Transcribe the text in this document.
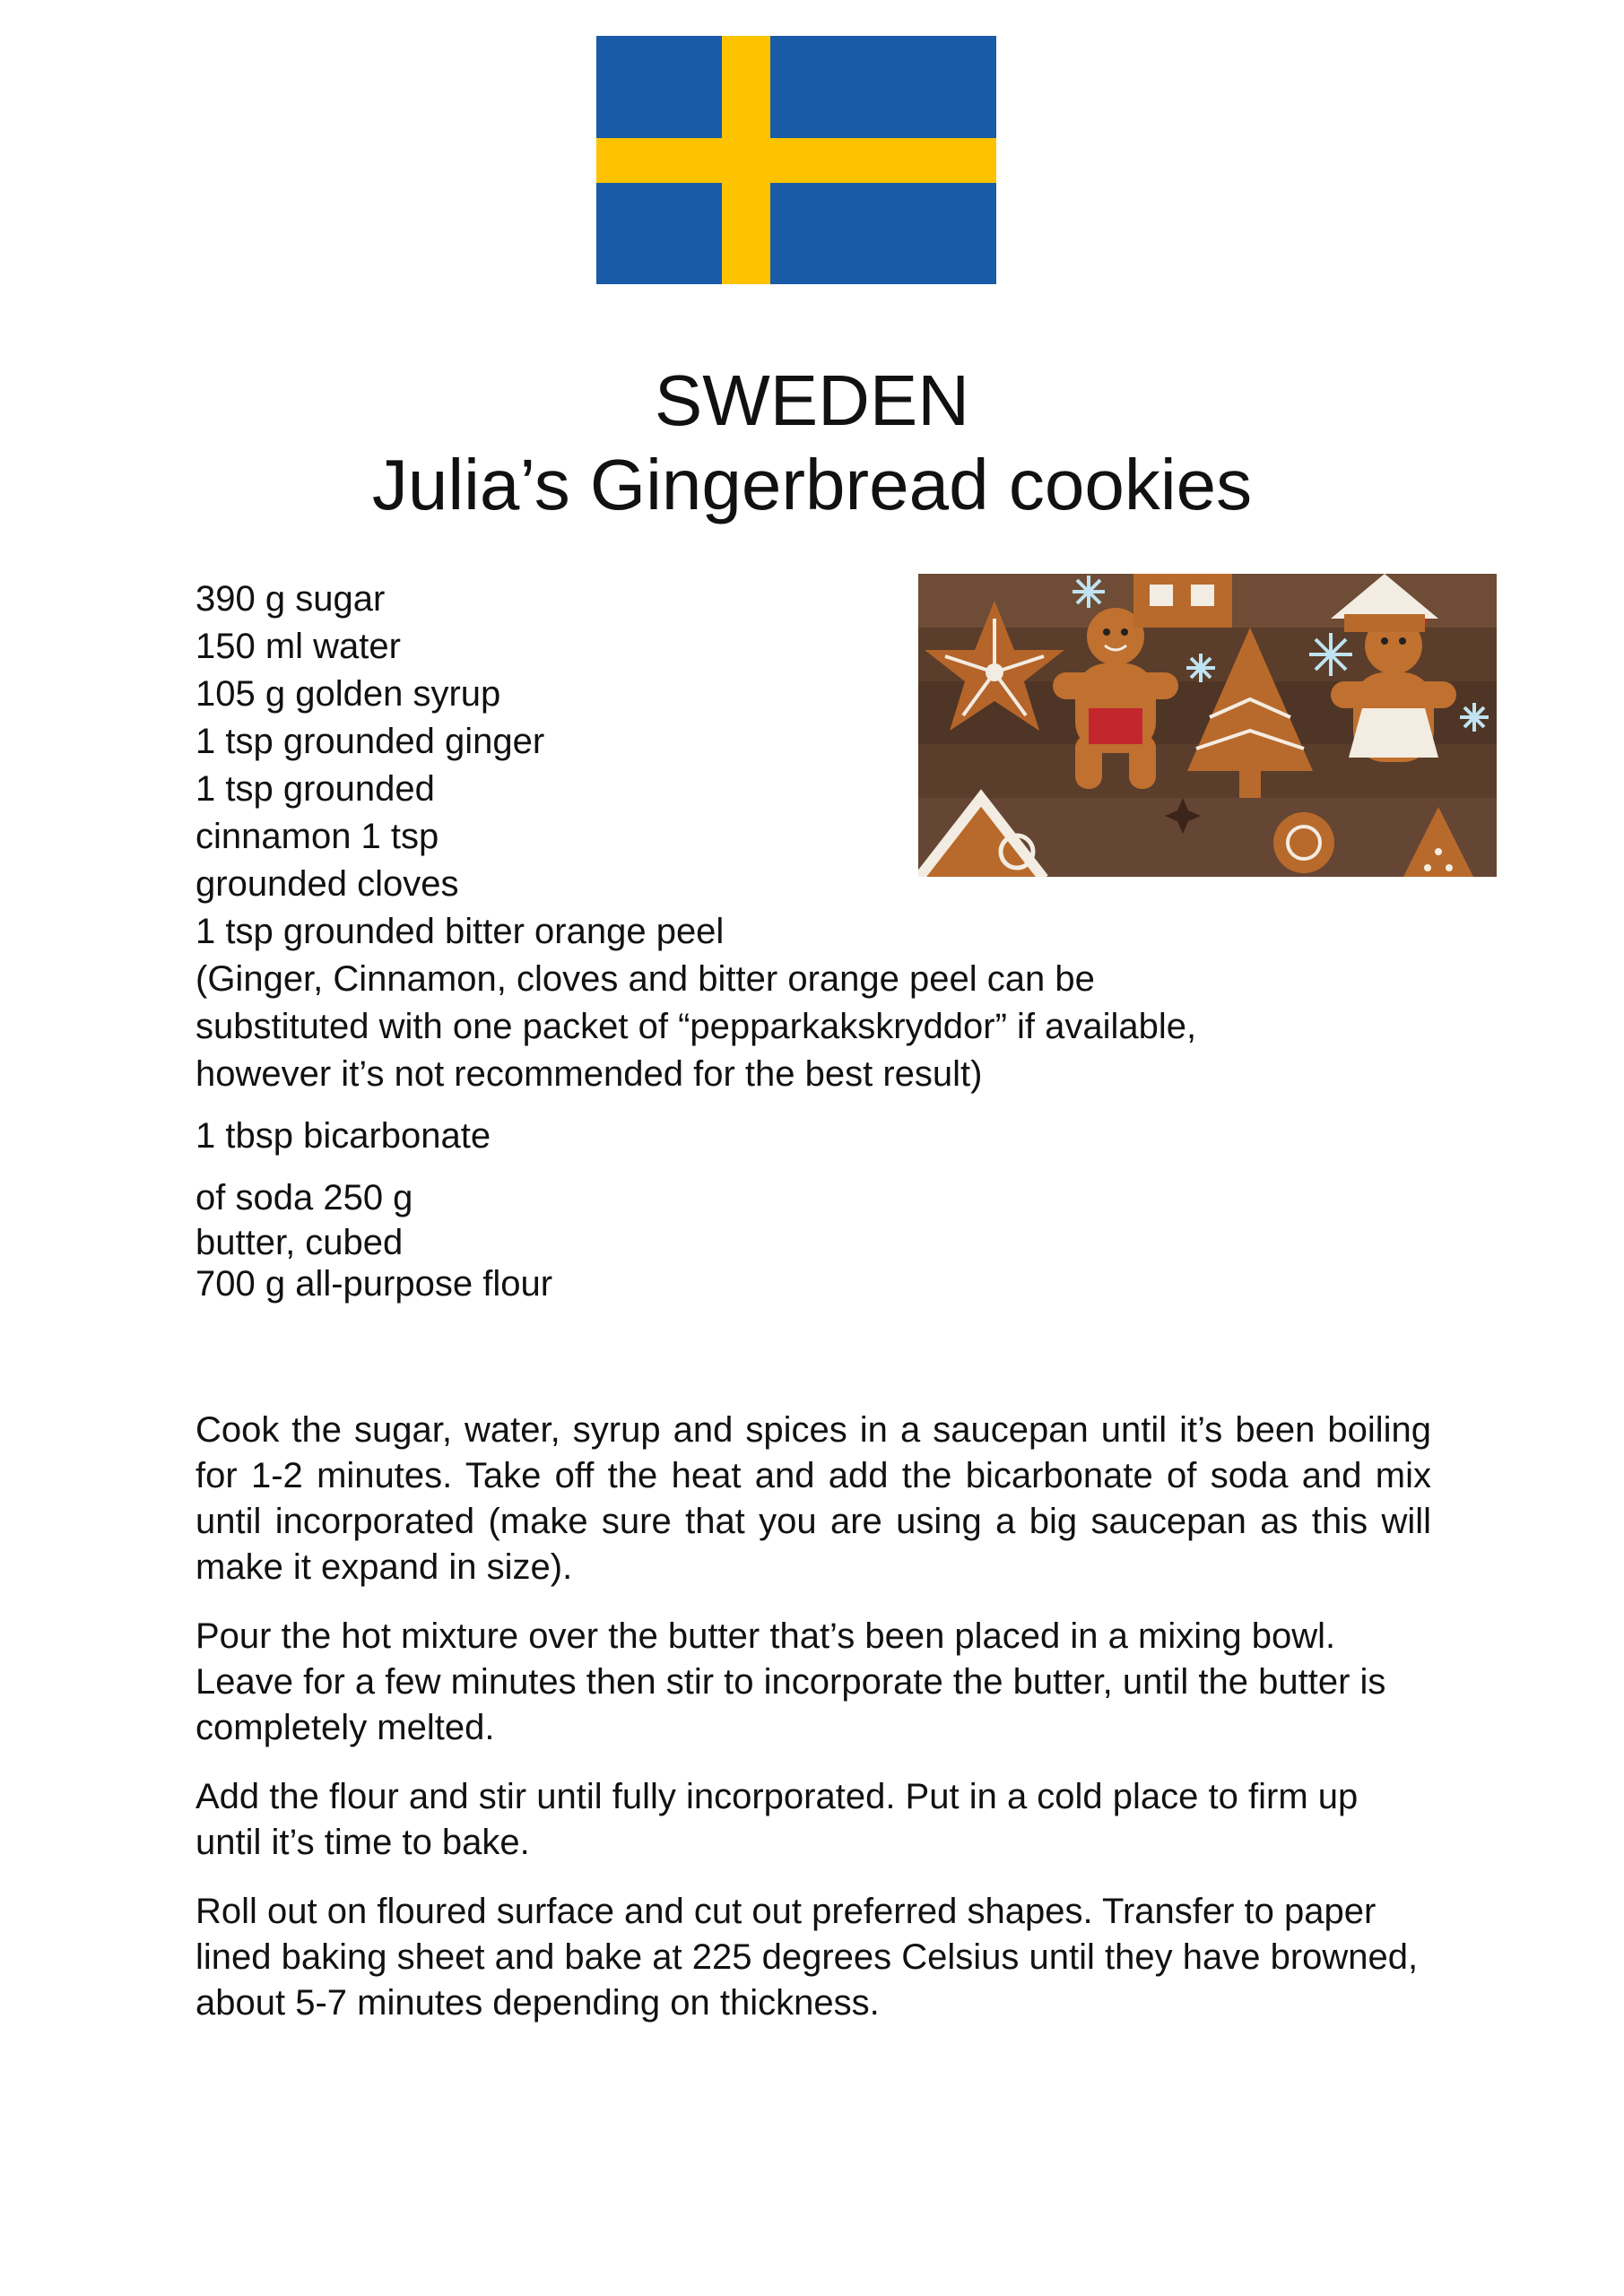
SWEDEN
Julia’s Gingerbread cookies
390 g sugar
150 ml water
105 g golden syrup
1 tsp grounded ginger
1 tsp grounded
cinnamon 1 tsp
grounded cloves
1 tsp grounded bitter orange peel
(Ginger, Cinnamon, cloves and bitter orange peel can be
substituted with one packet of “pepparkakskryddor” if available,
however it’s not recommended for the best result)
1 tbsp bicarbonate
of soda 250 g
butter, cubed
700 g all-purpose flour

Cook the sugar, water, syrup and spices in a saucepan until it’s been boiling for 1-2 minutes. Take off the heat and add the bicarbonate of soda and mix until incorporated (make sure that you are using a big saucepan as this will make it expand in size).

Pour the hot mixture over the butter that’s been placed in a mixing bowl. Leave for a few minutes then stir to incorporate the butter, until the butter is completely melted.

Add the flour and stir until fully incorporated. Put in a cold place to firm up until it’s time to bake.

Roll out on floured surface and cut out preferred shapes. Transfer to paper lined baking sheet and bake at 225 degrees Celsius until they have browned, about 5-7 minutes depending on thickness.
